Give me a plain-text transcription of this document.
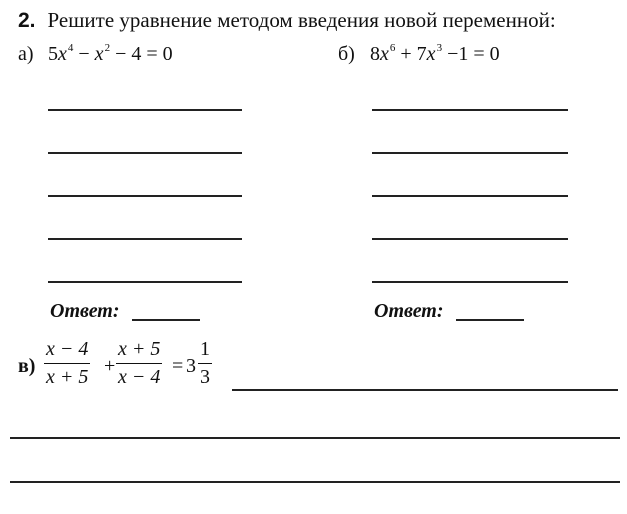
2. Решите уравнение методом введения новой переменной:
а) $5x^4 - x^2 - 4 = 0$	б) $8x^6 + 7x^3 -1 = 0$
Ответ:	Ответ:
$в) \frac{x - 4}{x + 5} + \frac{x + 5}{x - 4} = 3 \frac{1}{3}$
